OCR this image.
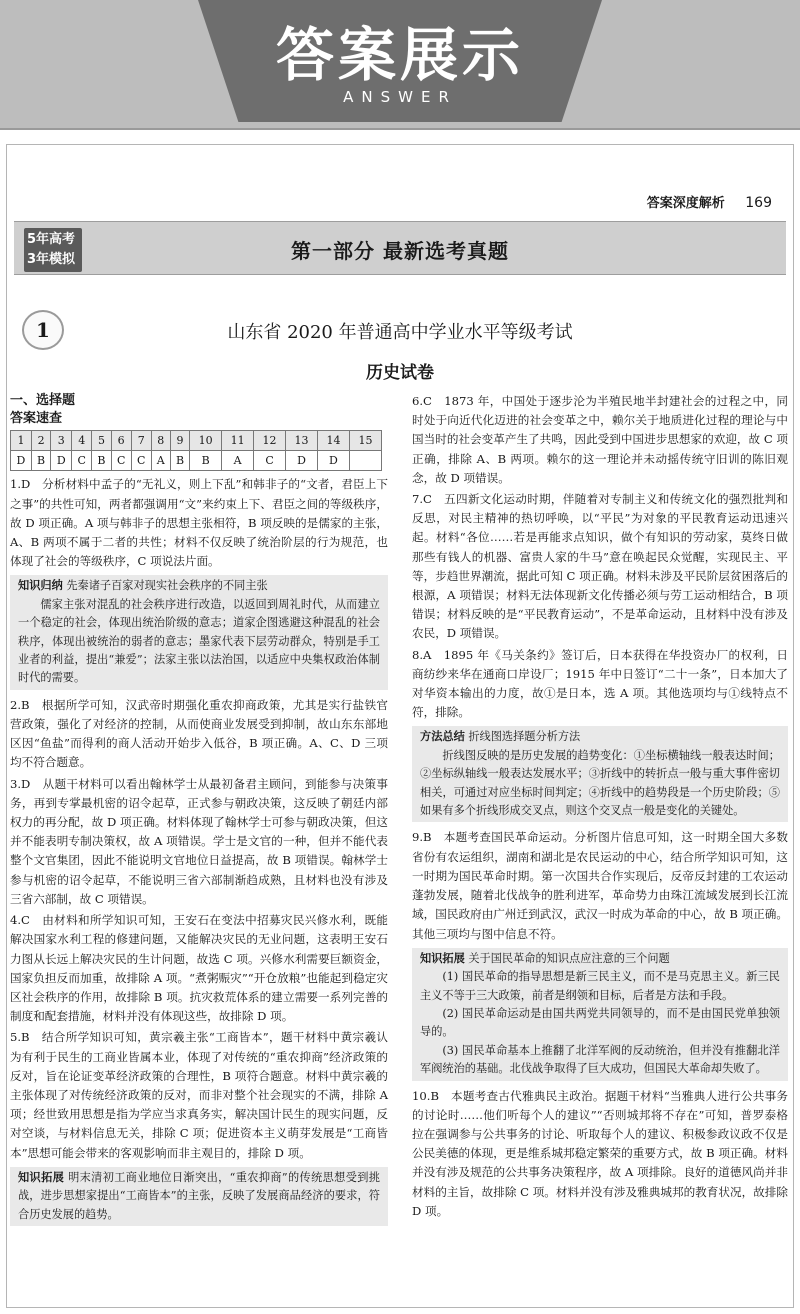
答案展示
ANSWER
答案深度解析 169
5年高考
3年模拟	第一部分 最新选考真题
1	山东省 2020 年普通高中学业水平等级考试
历史试卷
一、选择题
答案速查
1	2	3	4	5	6	7	8	9	10	11	12	13	14	15
D	B	D	C	B	C	C	A	B	B	A	C	D	D	

1.D　分析材料中孟子的“无礼义，则上下乱”和韩非子的“文者，君臣上下之事”的共性可知，两者都强调用“文”来约束上下、君臣之间的等级秩序，故 D 项正确。A 项与韩非子的思想主张相符，B 项反映的是儒家的主张，A、B 两项不属于二者的共性；材料不仅反映了统治阶层的行为规范，也体现了社会的等级秩序，C 项说法片面。

知识归纳 先秦诸子百家对现实社会秩序的不同主张

儒家主张对混乱的社会秩序进行改造，以返回到周礼时代，从而建立一个稳定的社会，体现出统治阶级的意志；道家企图逃避这种混乱的社会秩序，体现出被统治的弱者的意志；墨家代表下层劳动群众，特别是手工业者的利益，提出“兼爱”；法家主张以法治国，以适应中央集权政治体制时代的需要。

2.B　根据所学可知，汉武帝时期强化重农抑商政策，尤其是实行盐铁官营政策，强化了对经济的控制，从而使商业发展受到抑制，故山东东部地区因“鱼盐”而得利的商人活动开始步入低谷，B 项正确。A、C、D 三项均不符合题意。

3.D　从题干材料可以看出翰林学士从最初备君主顾问，到能参与决策事务，再到专掌最机密的诏令起草，正式参与朝政决策，这反映了朝廷内部权力的再分配，故 D 项正确。材料体现了翰林学士可参与朝政决策，但这并不能表明专制决策权，故 A 项错误。学士是文官的一种，但并不能代表整个文官集团，因此不能说明文官地位日益提高，故 B 项错误。翰林学士参与机密的诏令起草，不能说明三省六部制渐趋成熟，且材料也没有涉及三省六部制，故 C 项错误。

4.C　由材料和所学知识可知，王安石在变法中招募灾民兴修水利，既能解决国家水利工程的修建问题，又能解决灾民的无业问题，这表明王安石力图从长远上解决灾民的生计问题，故选 C 项。兴修水利需要巨额资金，国家负担反而加重，故排除 A 项。“煮粥赈灾”“开仓放粮”也能起到稳定灾区社会秩序的作用，故排除 B 项。抗灾救荒体系的建立需要一系列完善的制度和配套措施，材料并没有体现这些，故排除 D 项。

5.B　结合所学知识可知，黄宗羲主张“工商皆本”，题干材料中黄宗羲认为有利于民生的工商业皆属本业，体现了对传统的“重农抑商”经济政策的反对，旨在论证变革经济政策的合理性，B 项符合题意。材料中黄宗羲的主张体现了对传统经济政策的反对，而非对整个社会现实的不满，排除 A 项；经世致用思想是指为学应当求真务实，解决国计民生的现实问题，反对空谈，与材料信息无关，排除 C 项；促进资本主义萌芽发展是“工商皆本”思想可能会带来的客观影响而非主观目的，排除 D 项。

知识拓展 明末清初工商业地位日渐突出，“重农抑商”的传统思想受到挑战，进步思想家提出“工商皆本”的主张，反映了发展商品经济的要求，符合历史发展的趋势。

6.C　1873 年，中国处于逐步沦为半殖民地半封建社会的过程之中，同时处于向近代化迈进的社会变革之中，赖尔关于地质进化过程的理论与中国当时的社会变革产生了共鸣，因此受到中国进步思想家的欢迎，故 C 项正确，排除 A、B 两项。赖尔的这一理论并未动摇传统守旧训的陈旧观念，故 D 项错误。

7.C　五四新文化运动时期，伴随着对专制主义和传统文化的强烈批判和反思，对民主精神的热切呼唤，以“平民”为对象的平民教育运动迅速兴起。材料“各位……若是再能求点知识，做个有知识的劳动家，莫终日做那些有钱人的机器、富贵人家的牛马”意在唤起民众觉醒，实现民主、平等，步趋世界潮流，据此可知 C 项正确。材料未涉及平民阶层贫困落后的根源，A 项错误；材料无法体现新文化传播必须与劳工运动相结合，B 项错误；材料反映的是“平民教育运动”，不是革命运动，且材料中没有涉及农民，D 项错误。

8.A　1895 年《马关条约》签订后，日本获得在华投资办厂的权利，日商纺纱来华在通商口岸设厂；1915 年中日签订“二十一条”，日本加大了对华资本输出的力度，故①是日本，选 A 项。其他选项均与①线特点不符，排除。

方法总结 折线图选择题分析方法

折线图反映的是历史发展的趋势变化：①坐标横轴线一般表达时间；②坐标纵轴线一般表达发展水平；③折线中的转折点一般与重大事件密切相关，可通过对应坐标时间判定；④折线中的趋势段是一个历史阶段；⑤如果有多个折线形成交叉点，则这个交叉点一般是变化的关键处。

9.B　本题考查国民革命运动。分析图片信息可知，这一时期全国大多数省份有农运组织，湖南和湖北是农民运动的中心，结合所学知识可知，这一时期为国民革命时期。第一次国共合作实现后，反帝反封建的工农运动蓬勃发展，随着北伐战争的胜利进军，革命势力由珠江流域发展到长江流域，国民政府由广州迁到武汉，武汉一时成为革命的中心，故 B 项正确。其他三项均与图中信息不符。

知识拓展 关于国民革命的知识点应注意的三个问题

(1) 国民革命的指导思想是新三民主义，而不是马克思主义。新三民主义不等于三大政策，前者是纲领和目标，后者是方法和手段。

(2) 国民革命运动是由国共两党共同领导的，而不是由国民党单独领导的。

(3) 国民革命基本上推翻了北洋军阀的反动统治，但并没有推翻北洋军阀统治的基础。北伐战争取得了巨大成功，但国民大革命却失败了。

10.B　本题考查古代雅典民主政治。据题干材料“当雅典人进行公共事务的讨论时……他们听每个人的建议”“否则城邦将不存在”可知，普罗泰格拉在强调参与公共事务的讨论、听取每个人的建议、积极参政议政不仅是公民美德的体现，更是维系城邦稳定繁荣的重要方式，故 B 项正确。材料并没有涉及规范的公共事务决策程序，故 A 项排除。良好的道德风尚并非材料的主旨，故排除 C 项。材料并没有涉及雅典城邦的教育状况，故排除 D 项。
